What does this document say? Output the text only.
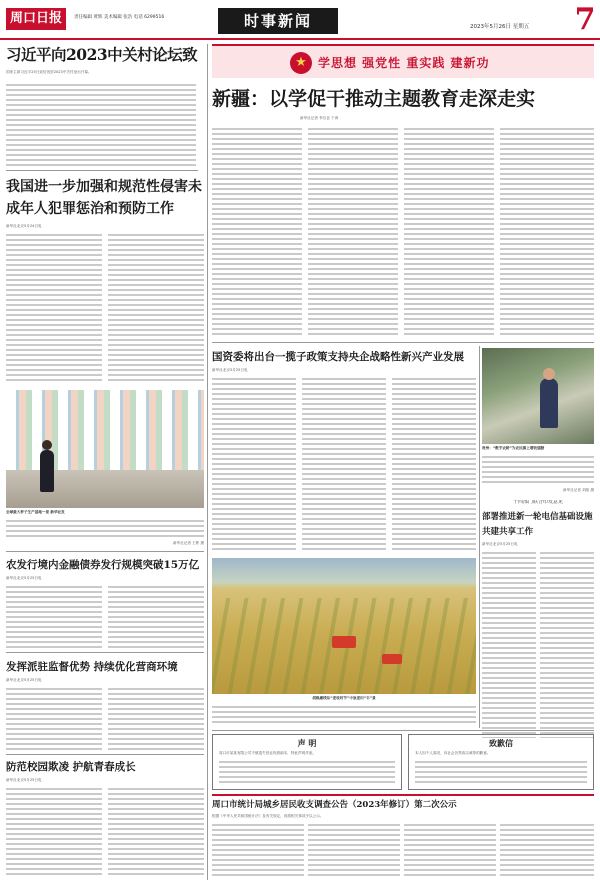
周口日报	责任编辑 黄辉 美术编辑 张浩 电话 6299516	时事新闻	2023年5月26日 星期五	7
习近平向2023中关村论坛致
国家主席习近平25日致信祝贺2023中关村论坛开幕。
★ 学思想 强党性 重实践 建新功
新疆：以学促干推动主题教育走深走实
新华社记者 李自良 于涛
我国进一步加强和规范性侵害未成年人犯罪惩治和预防工作
新华社北京5月24日电
国资委将出台一揽子政策支持央企战略性新兴产业发展
新华社北京5月25日电
贵州：“数字农耕”为农民插上增收翅膀
新华社记者 刘续 摄
全球最大杯子生产基地一景 新华社发
新华社记者 王彬 摄
农发行境内金融债券发行规模突破15万亿
新华社北京5月25日电
胡焕庸线东“麦收时节”中原麦田“丰”景
十四部门联合印发意见
部署推进新一轮电信基础设施共建共享工作
新华社北京5月25日电
发挥派驻监督优势 持续优化营商环境
新华社北京5月25日电
防范校园欺凌 护航青春成长
新华社北京5月25日电
声 明
周口市某某有限公司不慎遗失营业执照副本，特此声明作废。
致歉信
本人因个人原因，向社会各界致以诚挚的歉意。
周口市统计局城乡居民收支调查公告（2023年修订）第二次公示
根据《中华人民共和国统计法》及有关规定，现将相关事项予以公示。
